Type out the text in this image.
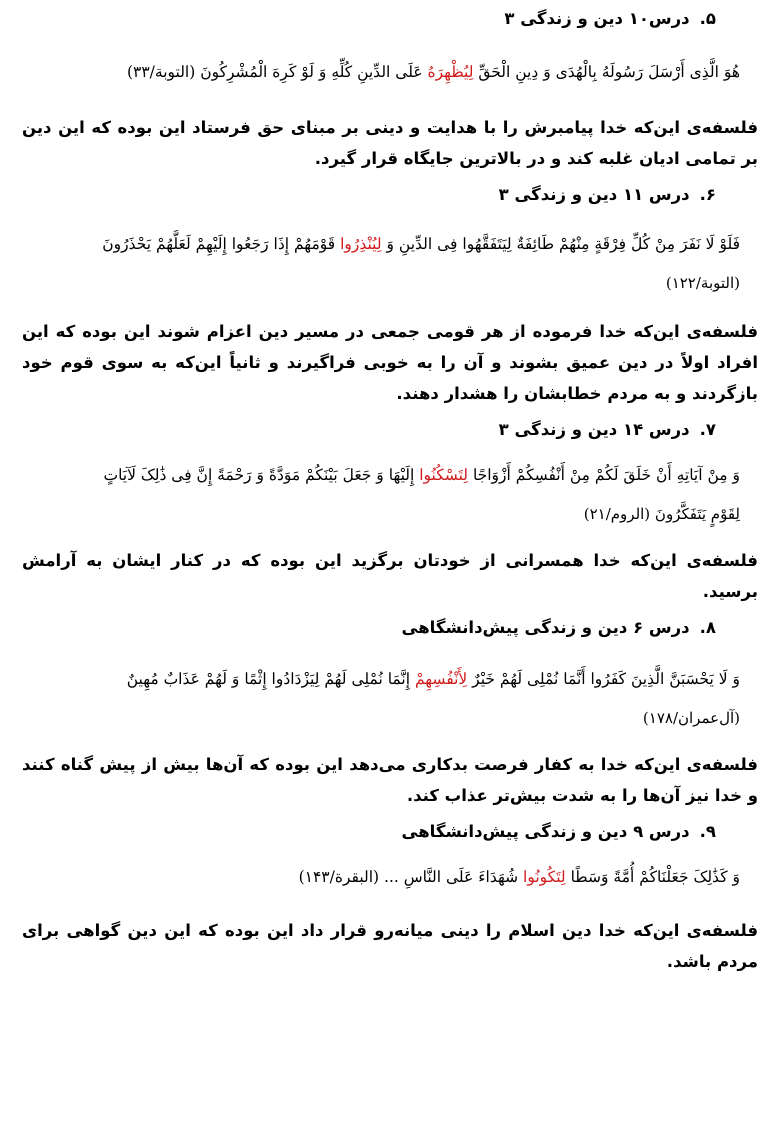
۵.درس۱۰ دین و زندگی ۳
هُوَ الَّذِی أَرْسَلَ رَسُولَهُ بِالْهُدَی وَ دِینِ الْحَقِّ لِیُظْهِرَهُ عَلَی الدِّینِ کُلِّهِ وَ لَوْ کَرِهَ الْمُشْرِکُونَ (التوبة/۳۳)
فلسفه‌ی این‌که خدا پیامبرش را با هدایت و دینی بر مبنای حق فرستاد این بوده که این دین بر تمامی ادیان غلبه کند و در بالاترین جایگاه قرار گیرد.
۶.درس ۱۱ دین و زندگی ۳
فَلَوْ لَا نَفَرَ مِنْ کُلِّ فِرْقَةٍ مِنْهُمْ طَائِفَةٌ لِیَتَفَقَّهُوا فِی الدِّینِ وَ لِیُنْذِرُوا قَوْمَهُمْ إِذَا رَجَعُوا إِلَیْهِمْ لَعَلَّهُمْ یَحْذَرُونَ
(التوبة/۱۲۲)
فلسفه‌ی این‌که خدا فرموده از هر قومی جمعی در مسیر دین اعزام شوند این بوده که این افراد اولاً در دین عمیق بشوند و آن را به خوبی فراگیرند و ثانیاً این‌که به سوی قوم خود بازگردند و به مردم خطابشان را هشدار دهند.
۷.درس ۱۴ دین و زندگی ۳
وَ مِنْ آیَاتِهِ أَنْ خَلَقَ لَکُمْ مِنْ أَنْفُسِکُمْ أَزْوَاجًا لِتَسْکُنُوا إِلَیْهَا وَ جَعَلَ بَیْنَکُمْ مَوَدَّةً وَ رَحْمَةً إِنَّ فِی ذَٰلِکَ لَآیَاتٍ
لِقَوْمٍ یَتَفَکَّرُونَ (الروم/۲۱)
فلسفه‌ی این‌که خدا همسرانی از خودتان برگزید این بوده که در کنار ایشان به آرامش برسید.
۸.درس ۶ دین و زندگی پیش‌دانشگاهی
وَ لَا یَحْسَبَنَّ الَّذِینَ کَفَرُوا أَنَّمَا نُمْلِی لَهُمْ خَیْرٌ لِأَنْفُسِهِمْ إِنَّمَا نُمْلِی لَهُمْ لِیَزْدَادُوا إِثْمًا وَ لَهُمْ عَذَابٌ مُهِینٌ
(آل‌عمران/۱۷۸)
فلسفه‌ی این‌که خدا به کفار فرصت بدکاری می‌دهد این بوده که آن‌ها بیش از پیش گناه کنند و خدا نیز آن‌ها را به شدت بیش‌تر عذاب کند.
۹.درس ۹ دین و زندگی پیش‌دانشگاهی
وَ کَذَٰلِکَ جَعَلْنَاکُمْ أُمَّةً وَسَطًا لِتَکُونُوا شُهَدَاءَ عَلَی النَّاسِ ... (البقرة/۱۴۳)
فلسفه‌ی این‌که خدا دین اسلام را دینی میانه‌رو قرار داد این بوده که این دین گواهی برای مردم باشد.
